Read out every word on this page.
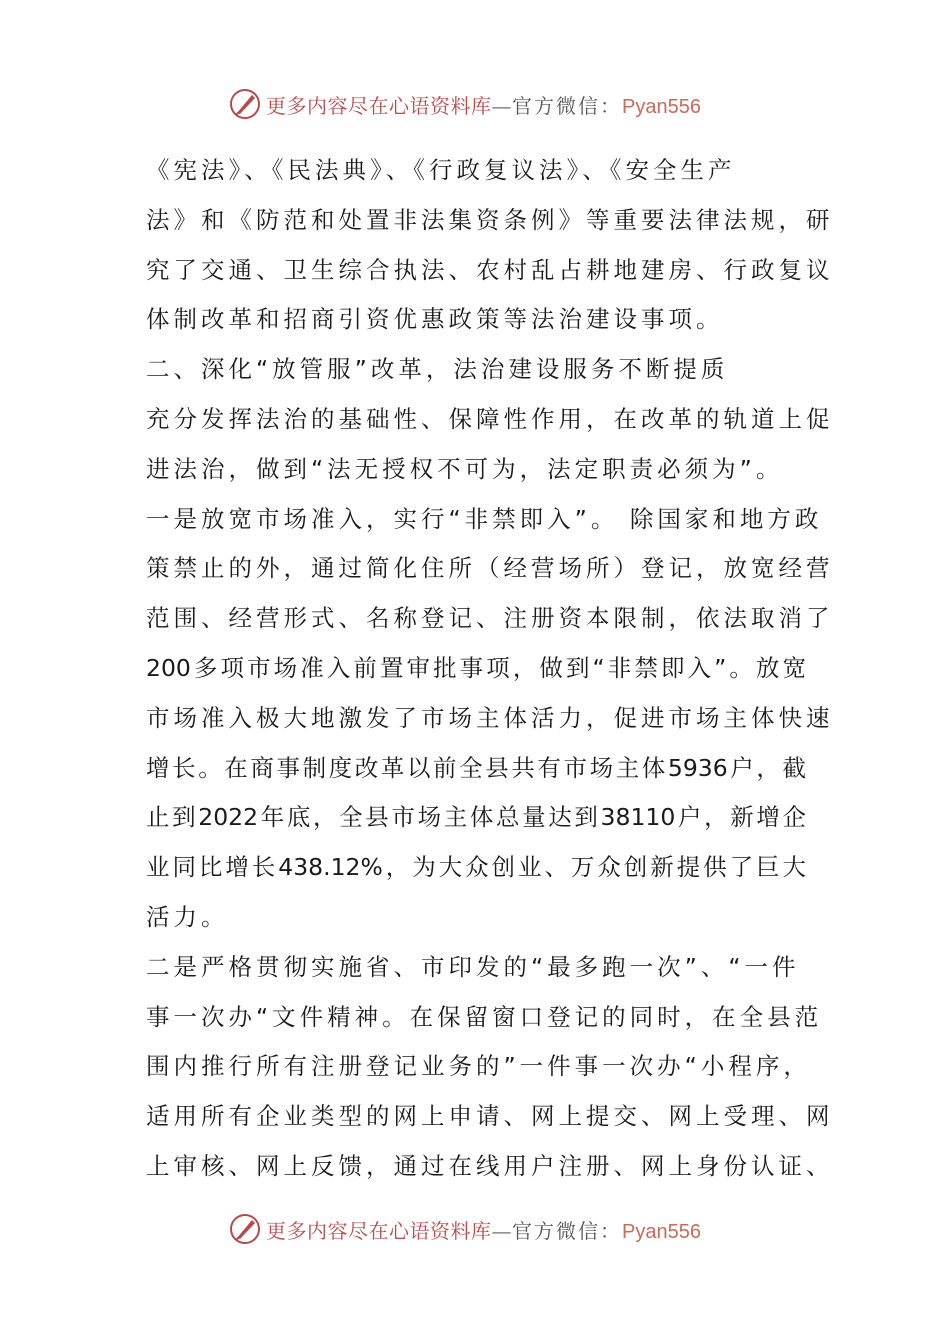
更多内容尽在心语资料库—官方微信：Pyan556
《宪法》、《民法典》、《行政复议法》、《安全生产
法》和《防范和处置非法集资条例》等重要法律法规，研
究了交通、卫生综合执法、农村乱占耕地建房、行政复议
体制改革和招商引资优惠政策等法治建设事项。
二、深化“放管服”改革，法治建设服务不断提质
充分发挥法治的基础性、保障性作用，在改革的轨道上促
进法治，做到“法无授权不可为，法定职责必须为”。
一是放宽市场准入，实行“非禁即入”。 除国家和地方政
策禁止的外，通过简化住所（经营场所）登记，放宽经营
范围、经营形式、名称登记、注册资本限制，依法取消了
200多项市场准入前置审批事项，做到“非禁即入”。放宽
市场准入极大地激发了市场主体活力，促进市场主体快速
增长。在商事制度改革以前全县共有市场主体5936户，截
止到2022年底，全县市场主体总量达到38110户，新增企
业同比增长438.12%，为大众创业、万众创新提供了巨大
活力。
二是严格贯彻实施省、市印发的“最多跑一次”、“一件
事一次办“文件精神。在保留窗口登记的同时，在全县范
围内推行所有注册登记业务的”一件事一次办“小程序，
适用所有企业类型的网上申请、网上提交、网上受理、网
上审核、网上反馈，通过在线用户注册、网上身份认证、
更多内容尽在心语资料库—官方微信：Pyan556
